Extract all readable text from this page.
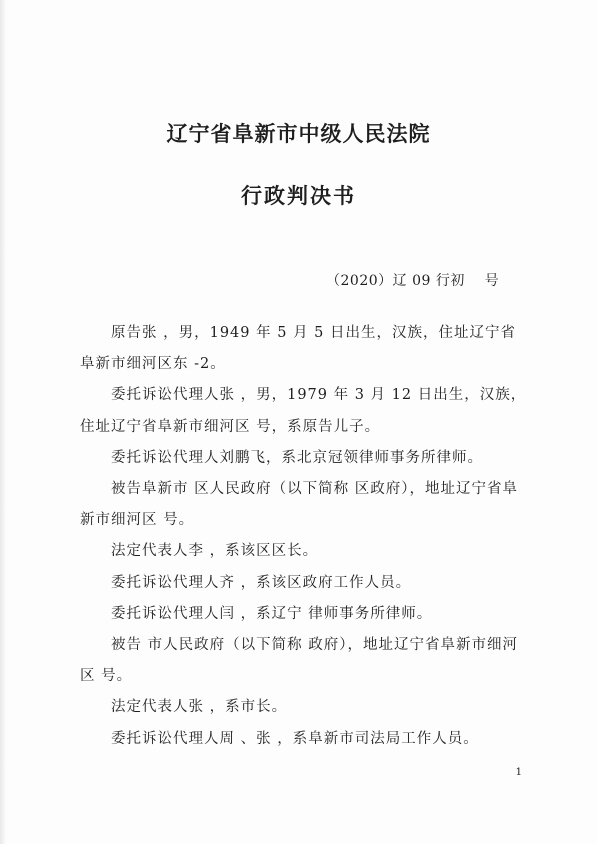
辽宁省阜新市中级人民法院
行政判决书
（2020）辽 09 行初    号

原告张 ，男，1949 年 5 月 5 日出生，汉族，住址辽宁省阜新市细河区东 -2。

委托诉讼代理人张 ，男，1979 年 3 月 12 日出生，汉族，住址辽宁省阜新市细河区 号，系原告儿子。

委托诉讼代理人刘鹏飞，系北京冠领律师事务所律师。

被告阜新市 区人民政府（以下简称 区政府），地址辽宁省阜新市细河区 号。

法定代表人李 ，系该区区长。

委托诉讼代理人齐 ，系该区政府工作人员。

委托诉讼代理人闫 ，系辽宁 律师事务所律师。

被告 市人民政府（以下简称 政府），地址辽宁省阜新市细河区 号。

法定代表人张 ，系市长。

委托诉讼代理人周 、张 ，系阜新市司法局工作人员。

1
